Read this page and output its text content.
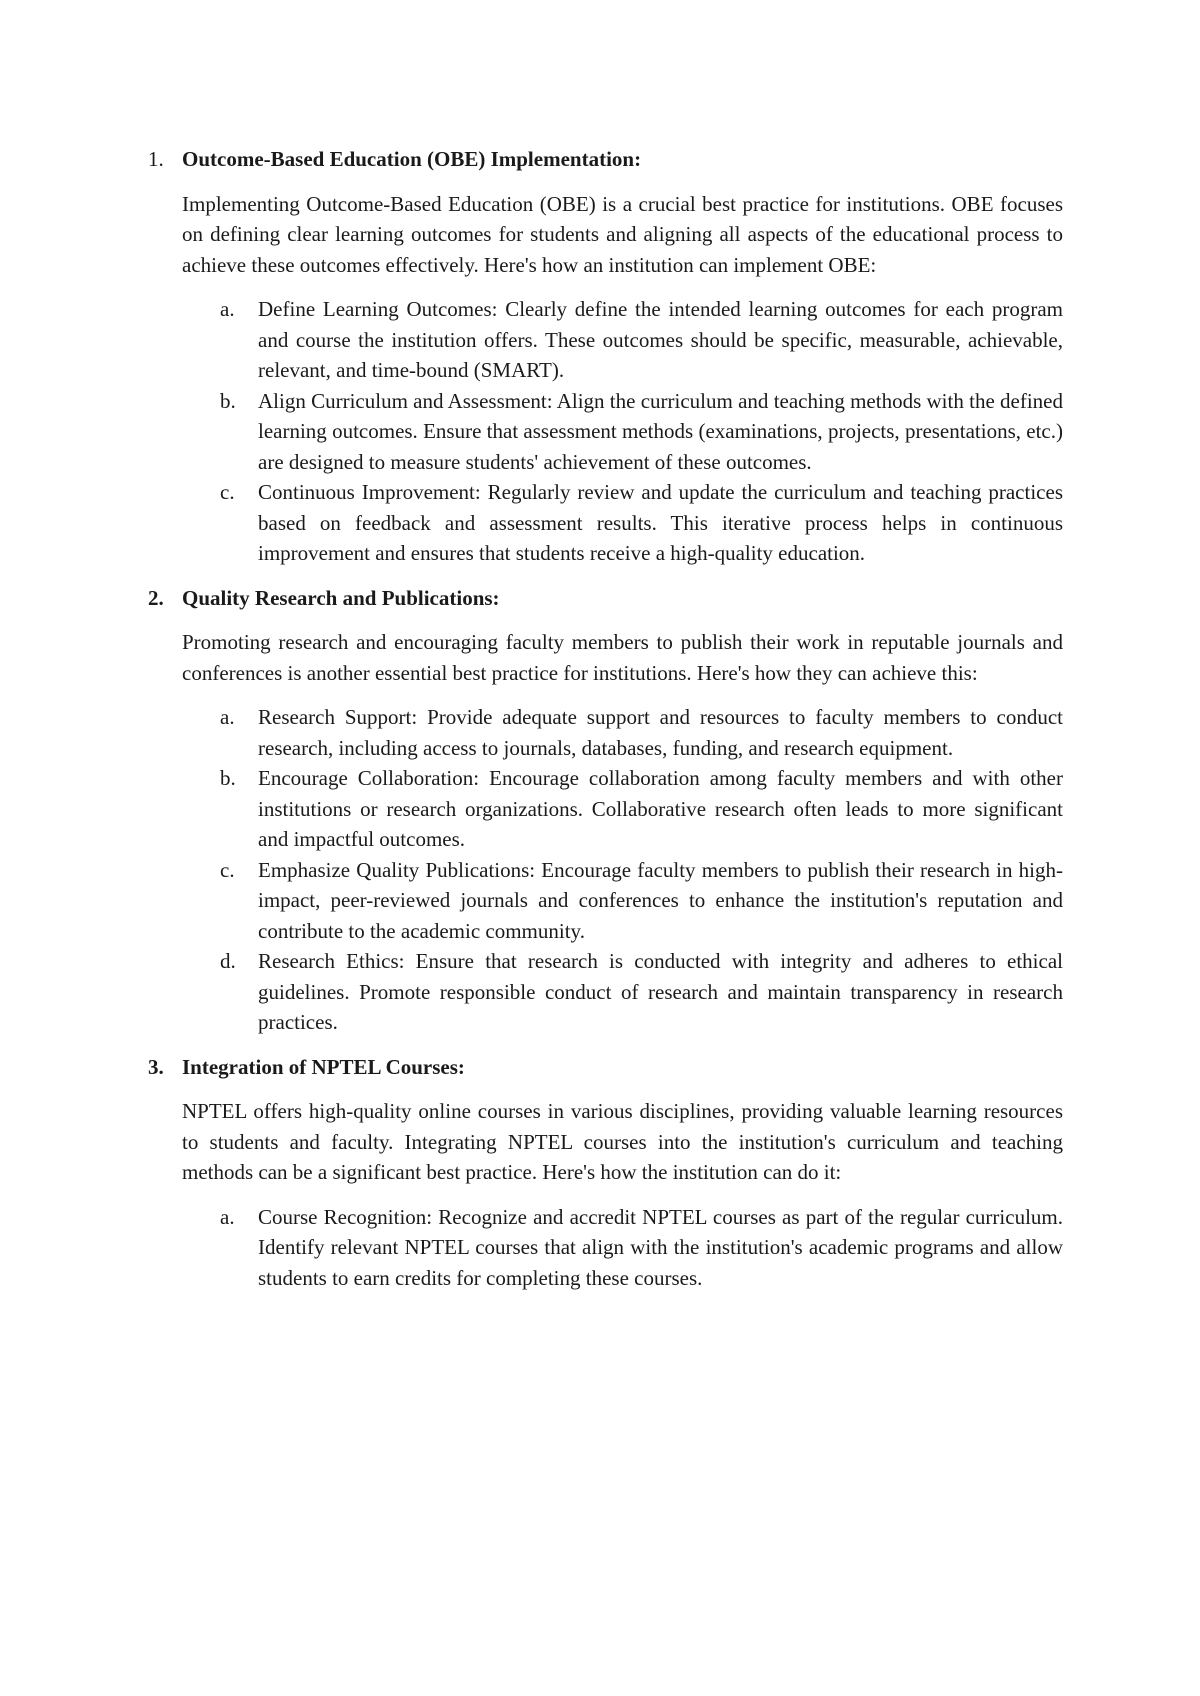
1. Outcome-Based Education (OBE) Implementation:
Implementing Outcome-Based Education (OBE) is a crucial best practice for institutions. OBE focuses on defining clear learning outcomes for students and aligning all aspects of the educational process to achieve these outcomes effectively. Here's how an institution can implement OBE:
a.	Define Learning Outcomes: Clearly define the intended learning outcomes for each program and course the institution offers. These outcomes should be specific, measurable, achievable, relevant, and time-bound (SMART).
b.	Align Curriculum and Assessment: Align the curriculum and teaching methods with the defined learning outcomes. Ensure that assessment methods (examinations, projects, presentations, etc.) are designed to measure students' achievement of these outcomes.
c.	Continuous Improvement: Regularly review and update the curriculum and teaching practices based on feedback and assessment results. This iterative process helps in continuous improvement and ensures that students receive a high-quality education.
2. Quality Research and Publications:
Promoting research and encouraging faculty members to publish their work in reputable journals and conferences is another essential best practice for institutions. Here's how they can achieve this:
a.	Research Support: Provide adequate support and resources to faculty members to conduct research, including access to journals, databases, funding, and research equipment.
b.	Encourage Collaboration: Encourage collaboration among faculty members and with other institutions or research organizations. Collaborative research often leads to more significant and impactful outcomes.
c.	Emphasize Quality Publications: Encourage faculty members to publish their research in high-impact, peer-reviewed journals and conferences to enhance the institution's reputation and contribute to the academic community.
d.	Research Ethics: Ensure that research is conducted with integrity and adheres to ethical guidelines. Promote responsible conduct of research and maintain transparency in research practices.
3. Integration of NPTEL Courses:
NPTEL offers high-quality online courses in various disciplines, providing valuable learning resources to students and faculty. Integrating NPTEL courses into the institution's curriculum and teaching methods can be a significant best practice. Here's how the institution can do it:
a.	Course Recognition: Recognize and accredit NPTEL courses as part of the regular curriculum. Identify relevant NPTEL courses that align with the institution's academic programs and allow students to earn credits for completing these courses.
